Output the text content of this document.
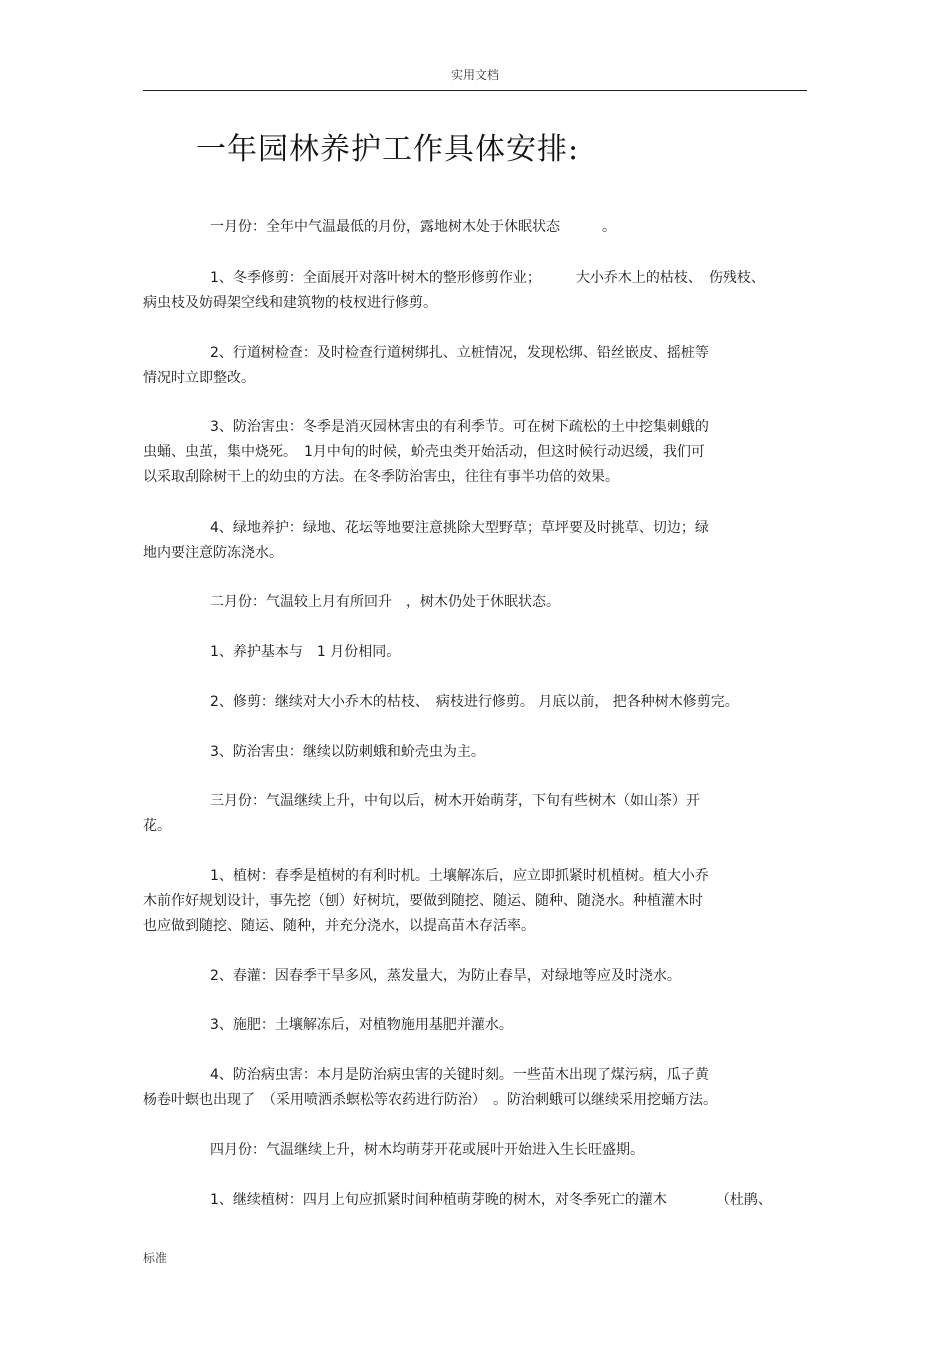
实用文档
一年园林养护工作具体安排:
一月份：全年中气温最低的月份，露地树木处于休眠状态　　　。
1、冬季修剪：全面展开对落叶树木的整形修剪作业；　　　大小乔木上的枯枝、　伤残枝、
病虫枝及妨碍架空线和建筑物的枝杈进行修剪。
2、行道树检查：及时检查行道树绑扎、立桩情况，发现松绑、铅丝嵌皮、摇桩等
情况时立即整改。
3、防治害虫：冬季是消灭园林害虫的有利季节。可在树下疏松的土中挖集刺蛾的
虫蛹、虫茧，集中烧死。　1月中旬的时候，蚧壳虫类开始活动，但这时候行动迟缓，我们可
以采取刮除树干上的幼虫的方法。在冬季防治害虫，往往有事半功倍的效果。
4、绿地养护：绿地、花坛等地要注意挑除大型野草；草坪要及时挑草、切边；绿
地内要注意防冻浇水。
二月份：气温较上月有所回升　，树木仍处于休眠状态。
1、养护基本与　1 月份相同。
2、修剪：继续对大小乔木的枯枝、　病枝进行修剪。 月底以前， 把各种树木修剪完。
3、防治害虫：继续以防刺蛾和蚧壳虫为主。
三月份：气温继续上升，中旬以后，树木开始萌芽，下旬有些树木（如山茶）开
花。
1、植树：春季是植树的有利时机。土壤解冻后，应立即抓紧时机植树。植大小乔
木前作好规划设计，事先挖（刨）好树坑，要做到随挖、随运、随种、随浇水。种植灌木时
也应做到随挖、随运、随种，并充分浇水，以提高苗木存活率。
2、春灌：因春季干旱多风，蒸发量大，为防止春旱，对绿地等应及时浇水。
3、施肥：土壤解冻后，对植物施用基肥并灌水。
4、防治病虫害：本月是防治病虫害的关键时刻。一些苗木出现了煤污病，瓜子黄
杨卷叶螟也出现了　（采用喷洒杀螟松等农药进行防治）　。防治刺蛾可以继续采用挖蛹方法。
四月份：气温继续上升，树木均萌芽开花或展叶开始进入生长旺盛期。
1、继续植树：四月上旬应抓紧时间种植萌芽晚的树木，对冬季死亡的灌木　　　　（杜鹃、
标准
